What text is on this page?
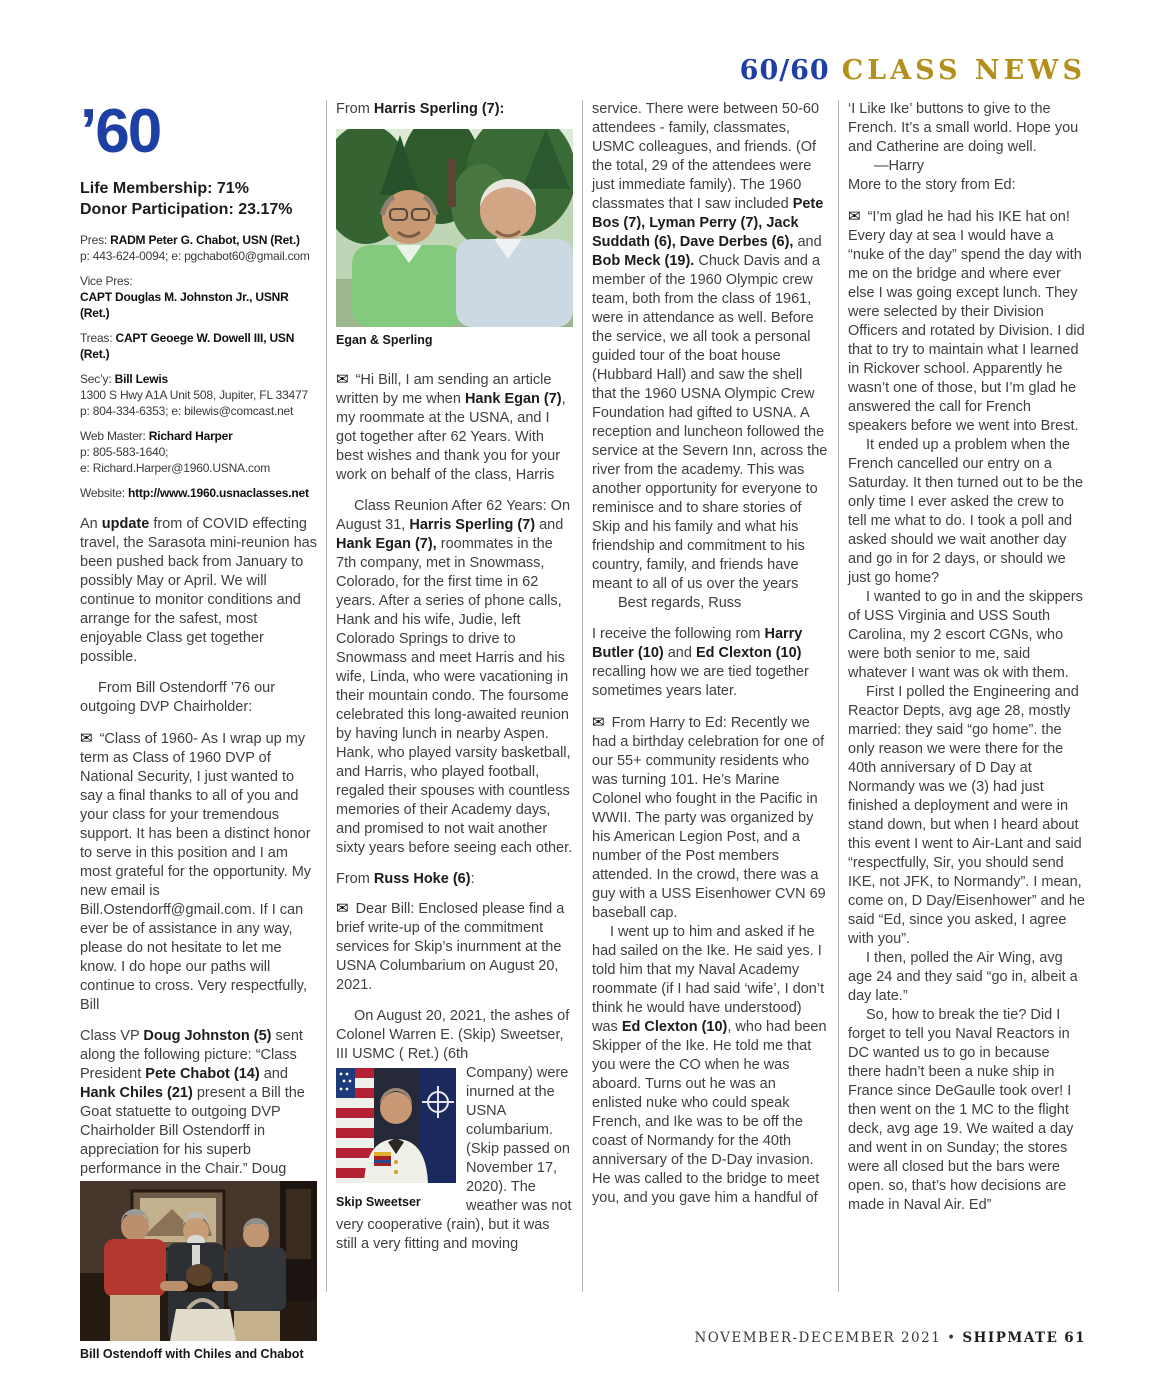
60/60 CLASS NEWS
’60
Life Membership: 71%
Donor Participation: 23.17%
Pres: RADM Peter G. Chabot, USN (Ret.)
p: 443-624-0094; e: pgchabot60@gmail.com
Vice Pres:
CAPT Douglas M. Johnston Jr., USNR (Ret.)
Treas: CAPT Geoege W. Dowell III, USN (Ret.)
Sec’y: Bill Lewis
1300 S Hwy A1A Unit 508, Jupiter, FL 33477
p: 804-334-6353; e: bilewis@comcast.net
Web Master: Richard Harper
p: 805-583-1640;
e: Richard.Harper@1960.USNA.com
Website: http://www.1960.usnaclasses.net

An update from of COVID effecting travel, the Sarasota mini-reunion has been pushed back from January to possibly May or April. We will continue to monitor conditions and arrange for the safest, most enjoyable Class get together possible.

From Bill Ostendorff ’76 our outgoing DVP Chairholder:

✉ “Class of 1960- As I wrap up my term as Class of 1960 DVP of National Security, I just wanted to say a final thanks to all of you and your class for your tremendous support. It has been a distinct honor to serve in this position and I am most grateful for the opportunity. My new email is Bill.Ostendorff@gmail.com. If I can ever be of assistance in any way, please do not hesitate to let me know. I do hope our paths will continue to cross. Very respectfully, Bill

Class VP Doug Johnston (5) sent along the following picture: “Class President Pete Chabot (14) and Hank Chiles (21) present a Bill the Goat statuette to outgoing DVP Chairholder Bill Ostendorff in appreciation for his superb performance in the Chair.” Doug

Bill Ostendoff with Chiles and Chabot

From Harris Sperling (7):

Egan & Sperling

✉ “Hi Bill, I am sending an article written by me when Hank Egan (7), my roommate at the USNA, and I got together after 62 Years. With best wishes and thank you for your work on behalf of the class, Harris

Class Reunion After 62 Years: On August 31, Harris Sperling (7) and Hank Egan (7), roommates in the 7th company, met in Snowmass, Colorado, for the first time in 62 years. After a series of phone calls, Hank and his wife, Judie, left Colorado Springs to drive to Snowmass and meet Harris and his wife, Linda, who were vacationing in their mountain condo. The foursome celebrated this long-awaited reunion by having lunch in nearby Aspen. Hank, who played varsity basketball, and Harris, who played football, regaled their spouses with countless memories of their Academy days, and promised to not wait another sixty years before seeing each other.

From Russ Hoke (6):

✉ Dear Bill: Enclosed please find a brief write-up of the commitment services for Skip’s inurnment at the USNA Columbarium on August 20, 2021.

On August 20, 2021, the ashes of Colonel Warren E. (Skip) Sweetser, III USMC ( Ret.) (6th

Skip Sweetser

Company) were inurned at the USNA columbarium. (Skip passed on November 17, 2020). The weather was not very cooperative (rain), but it was still a very fitting and moving

service. There were between 50-60 attendees - family, classmates, USMC colleagues, and friends. (Of the total, 29 of the attendees were just immediate family). The 1960 classmates that I saw included Pete Bos (7), Lyman Perry (7), Jack Suddath (6), Dave Derbes (6), and Bob Meck (19). Chuck Davis and a member of the 1960 Olympic crew team, both from the class of 1961, were in attendance as well. Before the service, we all took a personal guided tour of the boat house (Hubbard Hall) and saw the shell that the 1960 USNA Olympic Crew Foundation had gifted to USNA. A reception and luncheon followed the service at the Severn Inn, across the river from the academy. This was another opportunity for everyone to reminisce and to share stories of Skip and his family and what his friendship and commitment to his country, family, and friends have meant to all of us over the years

Best regards, Russ

I receive the following rom Harry Butler (10) and Ed Clexton (10) recalling how we are tied together sometimes years later.

✉ From Harry to Ed: Recently we had a birthday celebration for one of our 55+ community residents who was turning 101. He’s Marine Colonel who fought in the Pacific in WWII. The party was organized by his American Legion Post, and a number of the Post members attended. In the crowd, there was a guy with a USS Eisenhower CVN 69 baseball cap.

I went up to him and asked if he had sailed on the Ike. He said yes. I told him that my Naval Academy roommate (if I had said ‘wife’, I don’t think he would have understood) was Ed Clexton (10), who had been Skipper of the Ike. He told me that you were the CO when he was aboard. Turns out he was an enlisted nuke who could speak French, and Ike was to be off the coast of Normandy for the 40th anniversary of the D-Day invasion. He was called to the bridge to meet you, and you gave him a handful of

‘I Like Ike’ buttons to give to the French. It’s a small world. Hope you and Catherine are doing well.

—Harry

More to the story from Ed:

✉ “I’m glad he had his IKE hat on! Every day at sea I would have a “nuke of the day” spend the day with me on the bridge and where ever else I was going except lunch. They were selected by their Division Officers and rotated by Division. I did that to try to maintain what I learned in Rickover school. Apparently he wasn’t one of those, but I’m glad he answered the call for French speakers before we went into Brest.

It ended up a problem when the French cancelled our entry on a Saturday. It then turned out to be the only time I ever asked the crew to tell me what to do. I took a poll and asked should we wait another day and go in for 2 days, or should we just go home?

I wanted to go in and the skippers of USS Virginia and USS South Carolina, my 2 escort CGNs, who were both senior to me, said whatever I want was ok with them.

First I polled the Engineering and Reactor Depts, avg age 28, mostly married: they said “go home”. the only reason we were there for the 40th anniversary of D Day at Normandy was we (3) had just finished a deployment and were in stand down, but when I heard about this event I went to Air-Lant and said “respectfully, Sir, you should send IKE, not JFK, to Normandy”. I mean, come on, D Day/Eisenhower” and he said “Ed, since you asked, I agree with you”.

I then, polled the Air Wing, avg age 24 and they said “go in, albeit a day late.”

So, how to break the tie? Did I forget to tell you Naval Reactors in DC wanted us to go in because there hadn’t been a nuke ship in France since DeGaulle took over! I then went on the 1 MC to the flight deck, avg age 19. We waited a day and went in on Sunday; the stores were all closed but the bars were open. so, that’s how decisions are made in Naval Air. Ed”

NOVEMBER-DECEMBER 2021 • SHIPMATE 61
